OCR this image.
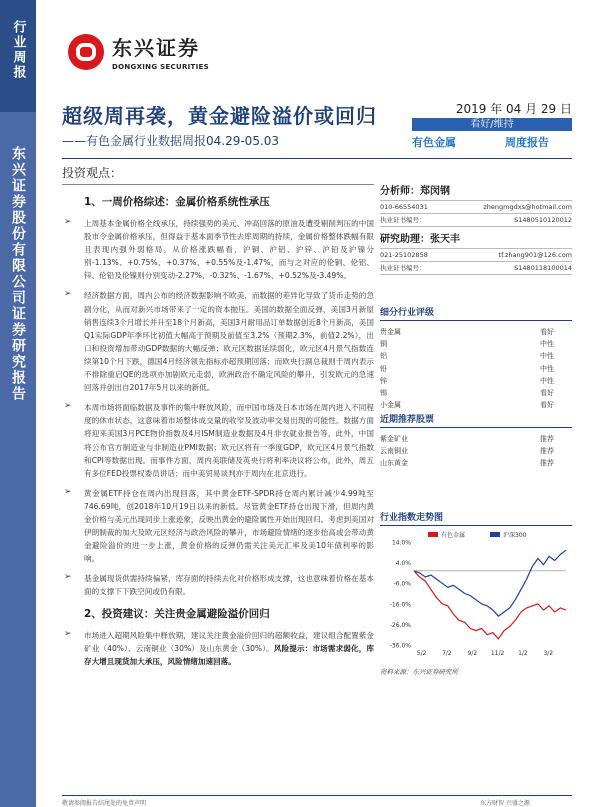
行业周报
东兴证券股份有限公司证券研究报告
东兴证券
DONGXING SECURITIES
超级周再袭，黄金避险溢价或回归
——有色金属行业数据周报04.29-05.03
2019 年 04 月 29 日
看好/维持
有色金属	周度报告
投资观点：
1、一周价格综述：金属价格系统性承压
➢	上周基本金属价格全线承压，持续强势的美元、冲高回落的原油及遭受剔削判压的中国股市令金属价格承压，但得益于基本面季节性去库周期的持续，金属价格整体跌幅有限且表现内强外弱格局。从价格涨跌幅看，沪铜、沪铝、沪锌、沪铅及沪镍分别-1.13%、+0.75%、+0.37%、+0.55%及-1.47%，而与之对应的伦铜、伦铝、锌、伦铅及伦镍则分别变动-2.27%、-0.32%、-1.67%、+0.52%及-3.49%。
➢	经济数据方面，周内公布的经济数据影响不欧美，而数据的差异化导致了货币走势的急剧分化，从而对新兴市场带来了一定的资本抛压。美国的数据全面反弹，美国3月新屋销售连续3个月增长并升至18个月新高，美国3月耐用品订单数据创近8个月新高，美国Q1实际GDP年季环比初值大幅高于预期及前值至3.2%（预期2.3%，前值2.2%），出口和投资增加带动GDP数据的大幅反弹；欧元区数据延续弱化，欧元区4月景气指数连续第10个月下跌，德国4月经济领先指标亦超预期回落；而欧央行副总裁则于周内表示不排除重启QE的选项亦加剧欧元走弱，欧洲政治不确定风险的攀升，引发欧元的急速回落并创出自2017年5月以来的新低。
➢	本周市场将面临数据及事件的集中释放风险，而中国市场及日本市场在周内进入不同程度的休市状态，这意味着市场整体成交量的收窄及波动率交易出现的可能性。数据方面将迎来美国3月PCE物价指数及4月ISM制造业数据及4月非农就业报告等，此外，中国将公布官方制造业与非制造业PMI数据；欧元区将有一季度GDP，欧元区4月景气指数和CPI等数据出现。而事件方面，周内美联储及英央行将利率决议将公布，此外，周五有多位FED投票权委员讲话；而中美贸易谈判亦于周内在北京进行。
➢	黄金属ETF持仓在周内出现回落，其中黄金ETF-SPDR持仓周内累计减少4.99吨至746.69吨，创2018年10月19日以来的新低。尽管黄金ETF持仓出现下滑，但周内黄金价格与美元出现同步上涨迹象，反映出黄金的避险属性开始出现回归。考虑到美国对伊朗制裁的加大及欧元区经济与政治风险的攀升，市场避险情绪的逐步抬高或会带动黄金避险溢价的进一步上涨，黄金价格的反弹仍需关注美元汇率及美10年债利率的影响。
➢	基金属现货供需持续偏紧，库存面的持续去化对价格形成支撑，这也意味着价格在基本面的支撑下下跌空间或仍有限。
2、投资建议：关注贵金属避险溢价回归
➢	市场进入超期风险集中释放期，建议关注黄金溢价回归的超额收益，建议组合配置紫金矿业（40%）、云南铜业（30%）及山东黄金（30%）。风险提示：市场需求弱化，库存大增且现货加大承压，风险情绪加速回落。
分析师：郑闵钢
010-66554031	zhengmgdxs@hotmail.com
执业证书编号：	S1480510120012
研究助理：张天丰
021-25102858	tf.zhang901@126.com
执业证书编号：	S1480118100014
细分行业评级
贵金属	看好
铜	中性
铝	中性
铅	中性
锌	中性
锡	看好
小金属	看好
近期推荐股票
紫金矿业	推荐
云南铜业	推荐
山东黄金	推荐
行业指数走势图
14.0%
4.0%
-6.0%
-16.0%
-26.0%
-36.0%
5/2	7/2	9/2 11/2 1/2	3/2
有色金属	沪深300
资料来源：东兴证券研究所
敬请参阅报告结尾处的免责声明	东方财智 兴盛之源
